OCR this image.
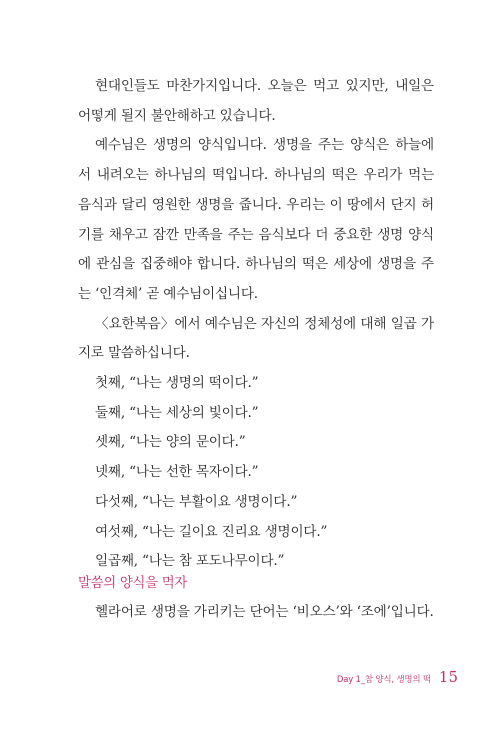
현대인들도 마찬가지입니다. 오늘은 먹고 있지만, 내일은 어떻게 될지 불안해하고 있습니다.

예수님은 생명의 양식입니다. 생명을 주는 양식은 하늘에서 내려오는 하나님의 떡입니다. 하나님의 떡은 우리가 먹는 음식과 달리 영원한 생명을 줍니다. 우리는 이 땅에서 단지 허기를 채우고 잠깐 만족을 주는 음식보다 더 중요한 생명 양식에 관심을 집중해야 합니다. 하나님의 떡은 세상에 생명을 주는 ‘인격체’ 곧 예수님이십니다.

〈요한복음〉에서 예수님은 자신의 정체성에 대해 일곱 가지로 말씀하십니다.

첫째, “나는 생명의 떡이다.”
둘째, “나는 세상의 빛이다.”
셋째, “나는 양의 문이다.”
넷째, “나는 선한 목자이다.”
다섯째, “나는 부활이요 생명이다.”
여섯째, “나는 길이요 진리요 생명이다.”
일곱째, “나는 참 포도나무이다.”
말씀의 양식을 먹자

헬라어로 생명을 가리키는 단어는 ‘비오스’와 ‘조에’입니다.

Day 1_참 양식, 생명의 떡 15
